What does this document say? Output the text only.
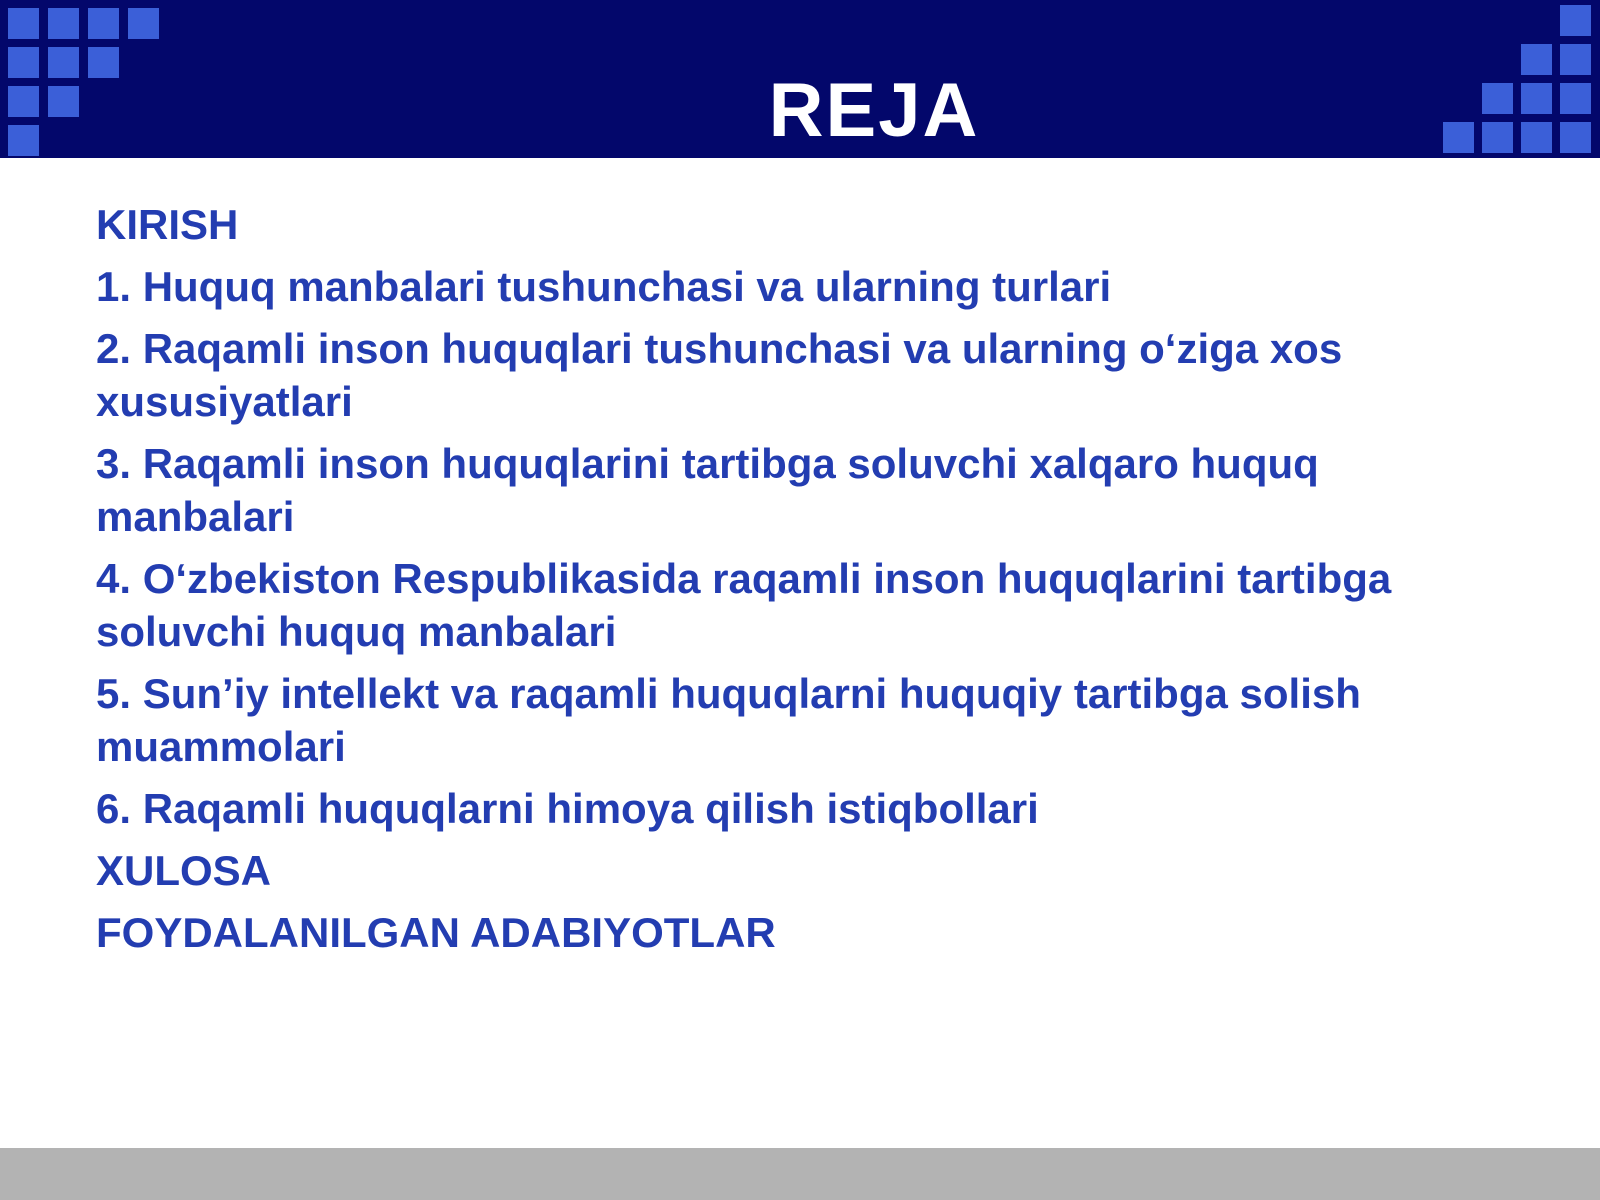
REJA
KIRISH
1. Huquq manbalari tushunchasi va ularning turlari
2. Raqamli inson huquqlari tushunchasi va ularning o‘ziga xos xususiyatlari
3. Raqamli inson huquqlarini tartibga soluvchi xalqaro huquq manbalari
4. O‘zbekiston Respublikasida raqamli inson huquqlarini tartibga soluvchi huquq manbalari
5. Sun’iy intellekt va raqamli huquqlarni huquqiy tartibga solish muammolari
6. Raqamli huquqlarni himoya qilish istiqbollari
XULOSA
FOYDALANILGAN ADABIYOTLAR
